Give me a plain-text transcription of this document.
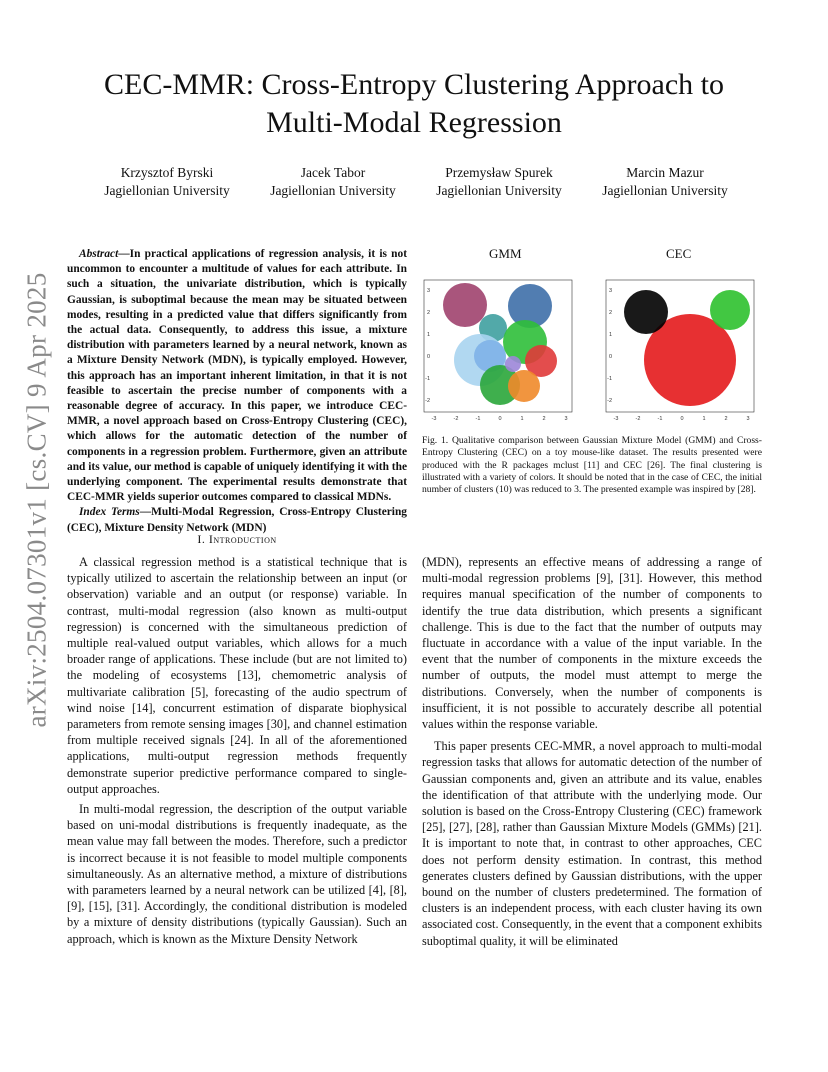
arXiv:2504.07301v1 [cs.CV] 9 Apr 2025
CEC-MMR: Cross-Entropy Clustering Approach to
Multi-Modal Regression
Krzysztof Byrski
Jagiellonian University
Jacek Tabor
Jagiellonian University
Przemysław Spurek
Jagiellonian University
Marcin Mazur
Jagiellonian University

Abstract—In practical applications of regression analysis, it is not uncommon to encounter a multitude of values for each attribute. In such a situation, the univariate distribution, which is typically Gaussian, is suboptimal because the mean may be situated between modes, resulting in a predicted value that differs significantly from the actual data. Consequently, to address this issue, a mixture distribution with parameters learned by a neural network, known as a Mixture Density Network (MDN), is typically employed. However, this approach has an important inherent limitation, in that it is not feasible to ascertain the precise number of components with a reasonable degree of accuracy. In this paper, we introduce CEC-MMR, a novel approach based on Cross-Entropy Clustering (CEC), which allows for the automatic detection of the number of components in a regression problem. Furthermore, given an attribute and its value, our method is capable of uniquely identifying it with the underlying component. The experimental results demonstrate that CEC-MMR yields superior outcomes compared to classical MDNs.

Index Terms—Multi-Modal Regression, Cross-Entropy Clustering (CEC), Mixture Density Network (MDN)

GMM	CEC
-3	-2	-1	0	1	2	3
3
2
1
0
-1
-2
-3	-2	-1	0	1	2	3
3
2
1
0
-1
-2
Fig. 1. Qualitative comparison between Gaussian Mixture Model (GMM) and Cross-Entropy Clustering (CEC) on a toy mouse-like dataset. The results presented were produced with the R packages mclust [11] and CEC [26]. The final clustering is illustrated with a variety of colors. It should be noted that in the case of CEC, the initial number of clusters (10) was reduced to 3. The presented example was inspired by [28].
I. Introduction

A classical regression method is a statistical technique that is typically utilized to ascertain the relationship between an input (or observation) variable and an output (or response) variable. In contrast, multi-modal regression (also known as multi-output regression) is concerned with the simultaneous prediction of multiple real-valued output variables, which allows for a much broader range of applications. These include (but are not limited to) the modeling of ecosystems [13], chemometric analysis of multivariate calibration [5], forecasting of the audio spectrum of wind noise [14], concurrent estimation of disparate biophysical parameters from remote sensing images [30], and channel estimation from multiple received signals [24]. In all of the aforementioned applications, multi-output regression methods frequently demonstrate superior predictive performance compared to single-output approaches.

In multi-modal regression, the description of the output variable based on uni-modal distributions is frequently inadequate, as the mean value may fall between the modes. Therefore, such a predictor is incorrect because it is not feasible to model multiple components simultaneously. As an alternative method, a mixture of distributions with parameters learned by a neural network can be utilized [4], [8], [9], [15], [31]. Accordingly, the conditional distribution is modeled by a mixture of density distributions (typically Gaussian). Such an approach, which is known as the Mixture Density Network

(MDN), represents an effective means of addressing a range of multi-modal regression problems [9], [31]. However, this method requires manual specification of the number of components to identify the true data distribution, which presents a significant challenge. This is due to the fact that the number of outputs may fluctuate in accordance with a value of the input variable. In the event that the number of components in the mixture exceeds the number of outputs, the model must attempt to merge the distributions. Conversely, when the number of components is insufficient, it is not possible to accurately describe all potential values within the response variable.

This paper presents CEC-MMR, a novel approach to multi-modal regression tasks that allows for automatic detection of the number of Gaussian components and, given an attribute and its value, enables the identification of that attribute with the underlying mode. Our solution is based on the Cross-Entropy Clustering (CEC) framework [25], [27], [28], rather than Gaussian Mixture Models (GMMs) [21]. It is important to note that, in contrast to other approaches, CEC does not perform density estimation. In contrast, this method generates clusters defined by Gaussian distributions, with the upper bound on the number of clusters predetermined. The formation of clusters is an independent process, with each cluster having its own associated cost. Consequently, in the event that a component exhibits suboptimal quality, it will be eliminated
